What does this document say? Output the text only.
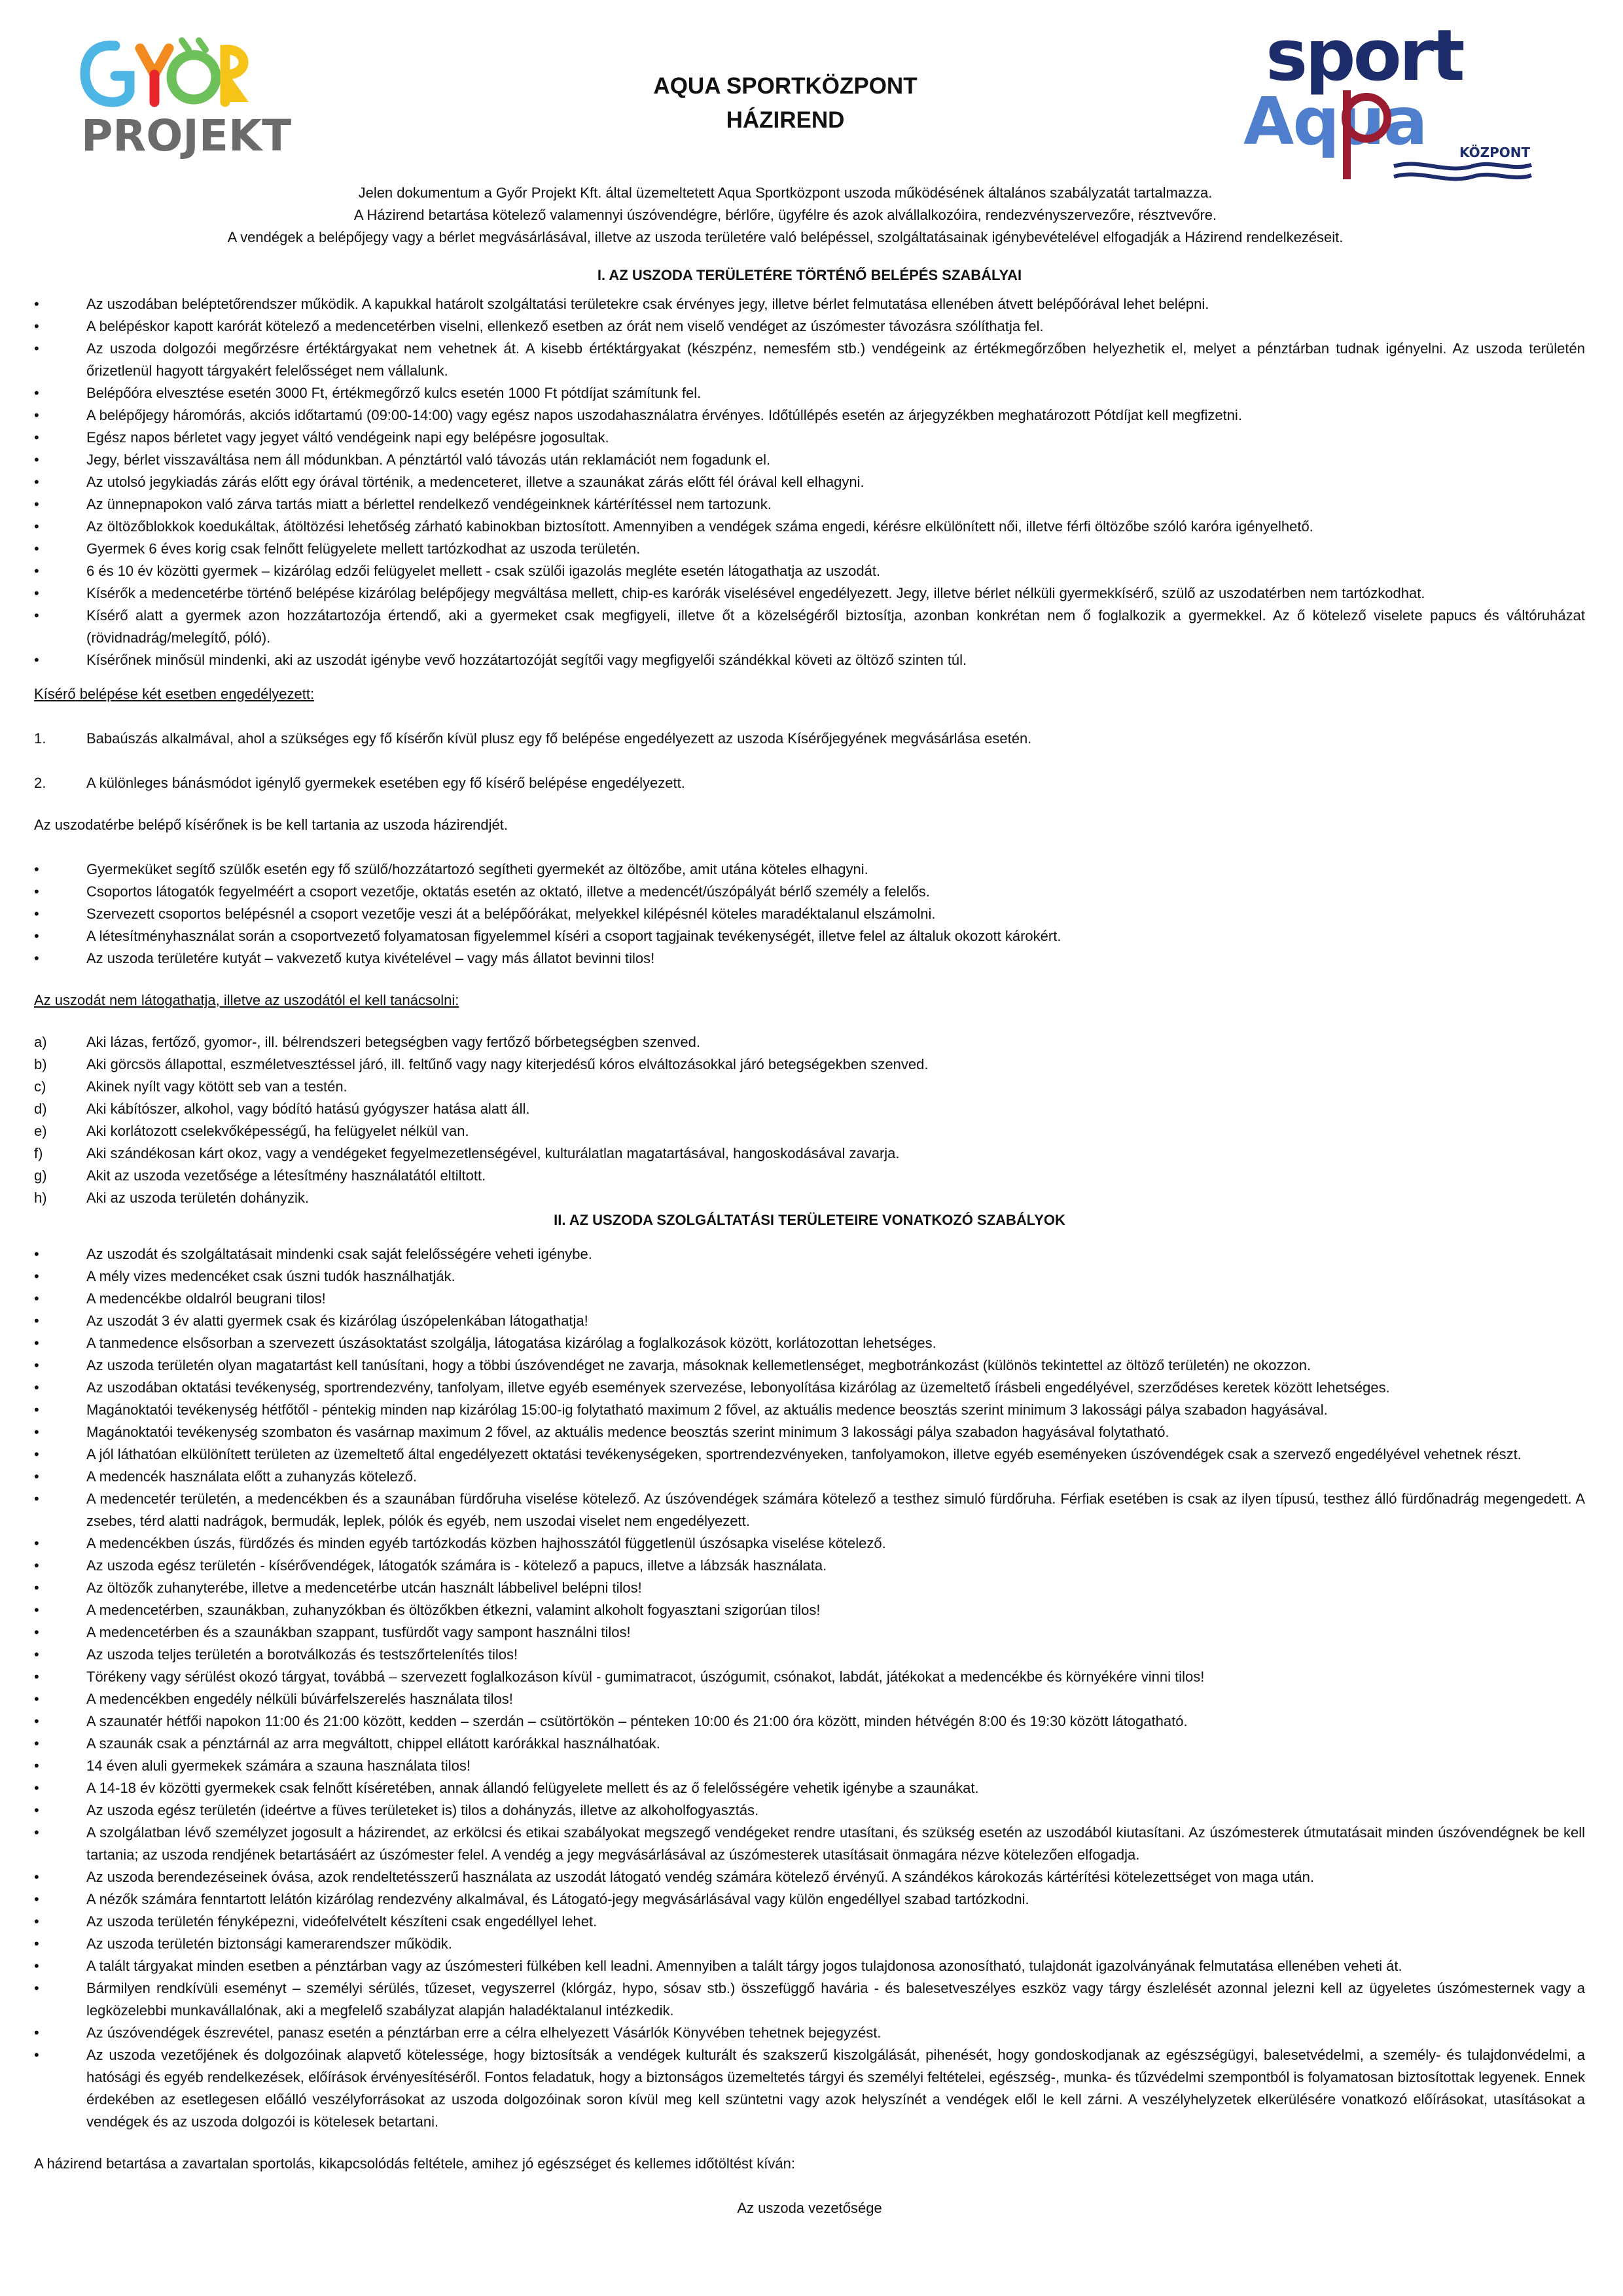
PROJEKT
sport
Aqua	KÖZPONT
AQUA SPORTKÖZPONT
HÁZIREND
Jelen dokumentum a Győr Projekt Kft. által üzemeltetett Aqua Sportközpont uszoda működésének általános szabályzatát tartalmazza.
A Házirend betartása kötelező valamennyi úszóvendégre, bérlőre, ügyfélre és azok alvállalkozóira, rendezvényszervezőre, résztvevőre.
A vendégek a belépőjegy vagy a bérlet megvásárlásával, illetve az uszoda területére való belépéssel, szolgáltatásainak igénybevételével elfogadják a Házirend rendelkezéseit.

I. AZ USZODA TERÜLETÉRE TÖRTÉNŐ BELÉPÉS SZABÁLYAI

• Az uszodában beléptetőrendszer működik. A kapukkal határolt szolgáltatási területekre csak érvényes jegy, illetve bérlet felmutatása ellenében átvett belépőórával lehet belépni.
• A belépéskor kapott karórát kötelező a medencetérben viselni, ellenkező esetben az órát nem viselő vendéget az úszómester távozásra szólíthatja fel.
• Az uszoda dolgozói megőrzésre értéktárgyakat nem vehetnek át. A kisebb értéktárgyakat (készpénz, nemesfém stb.) vendégeink az értékmegőrzőben helyezhetik el, melyet a pénztárban tudnak igényelni. Az uszoda területén őrizetlenül hagyott tárgyakért felelősséget nem vállalunk.
• Belépőóra elvesztése esetén 3000 Ft, értékmegőrző kulcs esetén 1000 Ft pótdíjat számítunk fel.
• A belépőjegy háromórás, akciós időtartamú (09:00-14:00) vagy egész napos uszodahasználatra érvényes. Időtúllépés esetén az árjegyzékben meghatározott Pótdíjat kell megfizetni.
• Egész napos bérletet vagy jegyet váltó vendégeink napi egy belépésre jogosultak.
• Jegy, bérlet visszaváltása nem áll módunkban. A pénztártól való távozás után reklamációt nem fogadunk el.
• Az utolsó jegykiadás zárás előtt egy órával történik, a medenceteret, illetve a szaunákat zárás előtt fél órával kell elhagyni.
• Az ünnepnapokon való zárva tartás miatt a bérlettel rendelkező vendégeinknek kártérítéssel nem tartozunk.
• Az öltözőblokkok koedukáltak, átöltözési lehetőség zárható kabinokban biztosított. Amennyiben a vendégek száma engedi, kérésre elkülönített női, illetve férfi öltözőbe szóló karóra igényelhető.
• Gyermek 6 éves korig csak felnőtt felügyelete mellett tartózkodhat az uszoda területén.
• 6 és 10 év közötti gyermek – kizárólag edzői felügyelet mellett - csak szülői igazolás megléte esetén látogathatja az uszodát.
• Kísérők a medencetérbe történő belépése kizárólag belépőjegy megváltása mellett, chip-es karórák viselésével engedélyezett. Jegy, illetve bérlet nélküli gyermekkísérő, szülő az uszodatérben nem tartózkodhat.
• Kísérő alatt a gyermek azon hozzátartozója értendő, aki a gyermeket csak megfigyeli, illetve őt a közelségéről biztosítja, azonban konkrétan nem ő foglalkozik a gyermekkel. Az ő kötelező viselete papucs és váltóruházat (rövidnadrág/melegítő, póló).
• Kísérőnek minősül mindenki, aki az uszodát igénybe vevő hozzátartozóját segítői vagy megfigyelői szándékkal követi az öltöző szinten túl.

Kísérő belépése két esetben engedélyezett:

1.	Babaúszás alkalmával, ahol a szükséges egy fő kísérőn kívül plusz egy fő belépése engedélyezett az uszoda Kísérőjegyének megvásárlása esetén.

2.	A különleges bánásmódot igénylő gyermekek esetében egy fő kísérő belépése engedélyezett.

Az uszodatérbe belépő kísérőnek is be kell tartania az uszoda házirendjét.

• Gyermeküket segítő szülők esetén egy fő szülő/hozzátartozó segítheti gyermekét az öltözőbe, amit utána köteles elhagyni.
• Csoportos látogatók fegyelméért a csoport vezetője, oktatás esetén az oktató, illetve a medencét/úszópályát bérlő személy a felelős.
• Szervezett csoportos belépésnél a csoport vezetője veszi át a belépőórákat, melyekkel kilépésnél köteles maradéktalanul elszámolni.
• A létesítményhasználat során a csoportvezető folyamatosan figyelemmel kíséri a csoport tagjainak tevékenységét, illetve felel az általuk okozott károkért.
• Az uszoda területére kutyát – vakvezető kutya kivételével – vagy más állatot bevinni tilos!

Az uszodát nem látogathatja, illetve az uszodától el kell tanácsolni:

a)	Aki lázas, fertőző, gyomor-, ill. bélrendszeri betegségben vagy fertőző bőrbetegségben szenved.

b)	Aki görcsös állapottal, eszméletvesztéssel járó, ill. feltűnő vagy nagy kiterjedésű kóros elváltozásokkal járó betegségekben szenved.

c)	Akinek nyílt vagy kötött seb van a testén.

d)	Aki kábítószer, alkohol, vagy bódító hatású gyógyszer hatása alatt áll.

e)	Aki korlátozott cselekvőképességű, ha felügyelet nélkül van.

f)	Aki szándékosan kárt okoz, vagy a vendégeket fegyelmezetlenségével, kulturálatlan magatartásával, hangoskodásával zavarja.

g)	Akit az uszoda vezetősége a létesítmény használatától eltiltott.

h)	Aki az uszoda területén dohányzik.

II. AZ USZODA SZOLGÁLTATÁSI TERÜLETEIRE VONATKOZÓ SZABÁLYOK

• Az uszodát és szolgáltatásait mindenki csak saját felelősségére veheti igénybe.
• A mély vizes medencéket csak úszni tudók használhatják.
• A medencékbe oldalról beugrani tilos!
• Az uszodát 3 év alatti gyermek csak és kizárólag úszópelenkában látogathatja!
• A tanmedence elsősorban a szervezett úszásoktatást szolgálja, látogatása kizárólag a foglalkozások között, korlátozottan lehetséges.
• Az uszoda területén olyan magatartást kell tanúsítani, hogy a többi úszóvendéget ne zavarja, másoknak kellemetlenséget, megbotránkozást (különös tekintettel az öltöző területén) ne okozzon.
• Az uszodában oktatási tevékenység, sportrendezvény, tanfolyam, illetve egyéb események szervezése, lebonyolítása kizárólag az üzemeltető írásbeli engedélyével, szerződéses keretek között lehetséges.
• Magánoktatói tevékenység hétfőtől - péntekig minden nap kizárólag 15:00-ig folytatható maximum 2 fővel, az aktuális medence beosztás szerint minimum 3 lakossági pálya szabadon hagyásával.
• Magánoktatói tevékenység szombaton és vasárnap maximum 2 fővel, az aktuális medence beosztás szerint minimum 3 lakossági pálya szabadon hagyásával folytatható.
• A jól láthatóan elkülönített területen az üzemeltető által engedélyezett oktatási tevékenységeken, sportrendezvényeken, tanfolyamokon, illetve egyéb eseményeken úszóvendégek csak a szervező engedélyével vehetnek részt.
• A medencék használata előtt a zuhanyzás kötelező.
• A medencetér területén, a medencékben és a szaunában fürdőruha viselése kötelező. Az úszóvendégek számára kötelező a testhez simuló fürdőruha. Férfiak esetében is csak az ilyen típusú, testhez álló fürdőnadrág megengedett. A zsebes, térd alatti nadrágok, bermudák, leplek, pólók és egyéb, nem uszodai viselet nem engedélyezett.
• A medencékben úszás, fürdőzés és minden egyéb tartózkodás közben hajhosszától függetlenül úszósapka viselése kötelező.
• Az uszoda egész területén - kísérővendégek, látogatók számára is - kötelező a papucs, illetve a lábzsák használata.
• Az öltözők zuhanyterébe, illetve a medencetérbe utcán használt lábbelivel belépni tilos!
• A medencetérben, szaunákban, zuhanyzókban és öltözőkben étkezni, valamint alkoholt fogyasztani szigorúan tilos!
• A medencetérben és a szaunákban szappant, tusfürdőt vagy sampont használni tilos!
• Az uszoda teljes területén a borotválkozás és testszőrtelenítés tilos!
• Törékeny vagy sérülést okozó tárgyat, továbbá – szervezett foglalkozáson kívül - gumimatracot, úszógumit, csónakot, labdát, játékokat a medencékbe és környékére vinni tilos!
• A medencékben engedély nélküli búvárfelszerelés használata tilos!
• A szaunatér hétfői napokon 11:00 és 21:00 között, kedden – szerdán – csütörtökön – pénteken 10:00 és 21:00 óra között, minden hétvégén 8:00 és 19:30 között látogatható.
• A szaunák csak a pénztárnál az arra megváltott, chippel ellátott karórákkal használhatóak.
• 14 éven aluli gyermekek számára a szauna használata tilos!
• A 14-18 év közötti gyermekek csak felnőtt kíséretében, annak állandó felügyelete mellett és az ő felelősségére vehetik igénybe a szaunákat.
• Az uszoda egész területén (ideértve a füves területeket is) tilos a dohányzás, illetve az alkoholfogyasztás.
• A szolgálatban lévő személyzet jogosult a házirendet, az erkölcsi és etikai szabályokat megszegő vendégeket rendre utasítani, és szükség esetén az uszodából kiutasítani. Az úszómesterek útmutatásait minden úszóvendégnek be kell tartania; az uszoda rendjének betartásáért az úszómester felel. A vendég a jegy megvásárlásával az úszómesterek utasításait önmagára nézve kötelezően elfogadja.
• Az uszoda berendezéseinek óvása, azok rendeltetésszerű használata az uszodát látogató vendég számára kötelező érvényű. A szándékos károkozás kártérítési kötelezettséget von maga után.
• A nézők számára fenntartott lelátón kizárólag rendezvény alkalmával, és Látogató-jegy megvásárlásával vagy külön engedéllyel szabad tartózkodni.
• Az uszoda területén fényképezni, videófelvételt készíteni csak engedéllyel lehet.
• Az uszoda területén biztonsági kamerarendszer működik.
• A talált tárgyakat minden esetben a pénztárban vagy az úszómesteri fülkében kell leadni. Amennyiben a talált tárgy jogos tulajdonosa azonosítható, tulajdonát igazolványának felmutatása ellenében veheti át.
• Bármilyen rendkívüli eseményt – személyi sérülés, tűzeset, vegyszerrel (klórgáz, hypo, sósav stb.) összefüggő havária - és balesetveszélyes eszköz vagy tárgy észlelését azonnal jelezni kell az ügyeletes úszómesternek vagy a legközelebbi munkavállalónak, aki a megfelelő szabályzat alapján haladéktalanul intézkedik.
• Az úszóvendégek észrevétel, panasz esetén a pénztárban erre a célra elhelyezett Vásárlók Könyvében tehetnek bejegyzést.
• Az uszoda vezetőjének és dolgozóinak alapvető kötelessége, hogy biztosítsák a vendégek kulturált és szakszerű kiszolgálását, pihenését, hogy gondoskodjanak az egészségügyi, balesetvédelmi, a személy- és tulajdonvédelmi, a hatósági és egyéb rendelkezések, előírások érvényesítéséről. Fontos feladatuk, hogy a biztonságos üzemeltetés tárgyi és személyi feltételei, egészség-, munka- és tűzvédelmi szempontból is folyamatosan biztosítottak legyenek. Ennek érdekében az esetlegesen előálló veszélyforrásokat az uszoda dolgozóinak soron kívül meg kell szüntetni vagy azok helyszínét a vendégek elől le kell zárni. A veszélyhelyzetek elkerülésére vonatkozó előírásokat, utasításokat a vendégek és az uszoda dolgozói is kötelesek betartani.

A házirend betartása a zavartalan sportolás, kikapcsolódás feltétele, amihez jó egészséget és kellemes időtöltést kíván:

Az uszoda vezetősége
